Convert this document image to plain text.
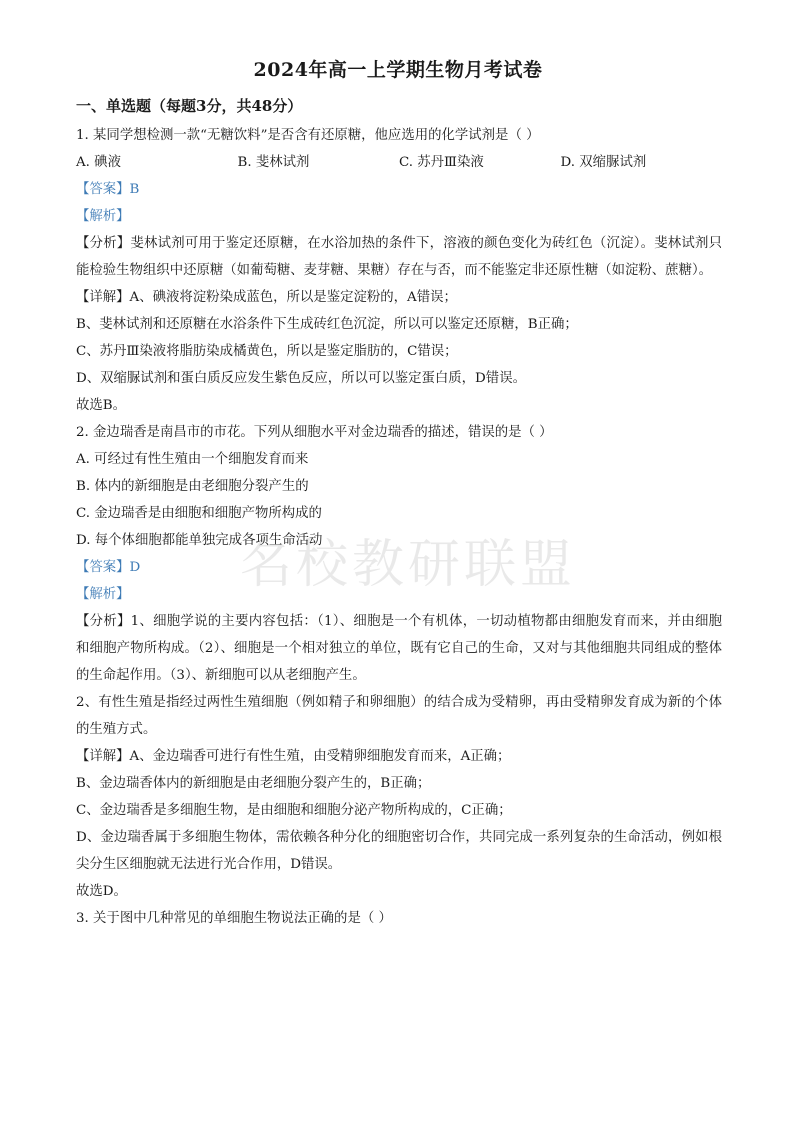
名校教研联盟
2024年高一上学期生物月考试卷
一、单选题（每题3分，共48分）
1. 某同学想检测一款“无糖饮料”是否含有还原糖，他应选用的化学试剂是（ ）
A. 碘液	B. 斐林试剂	C. 苏丹Ⅲ染液	D. 双缩脲试剂
【答案】B
【解析】
【分析】斐林试剂可用于鉴定还原糖，在水浴加热的条件下，溶液的颜色变化为砖红色（沉淀）。斐林试剂只能检验生物组织中还原糖（如葡萄糖、麦芽糖、果糖）存在与否，而不能鉴定非还原性糖（如淀粉、蔗糖）。
【详解】A、碘液将淀粉染成蓝色，所以是鉴定淀粉的，A错误；
B、斐林试剂和还原糖在水浴条件下生成砖红色沉淀，所以可以鉴定还原糖，B正确；
C、苏丹Ⅲ染液将脂肪染成橘黄色，所以是鉴定脂肪的，C错误；
D、双缩脲试剂和蛋白质反应发生紫色反应，所以可以鉴定蛋白质，D错误。
故选B。
2. 金边瑞香是南昌市的市花。下列从细胞水平对金边瑞香的描述，错误的是（ ）
A. 可经过有性生殖由一个细胞发育而来
B. 体内的新细胞是由老细胞分裂产生的
C. 金边瑞香是由细胞和细胞产物所构成的
D. 每个体细胞都能单独完成各项生命活动
【答案】D
【解析】
【分析】1、细胞学说的主要内容包括：（1）、细胞是一个有机体，一切动植物都由细胞发育而来，并由细胞和细胞产物所构成。（2）、细胞是一个相对独立的单位，既有它自己的生命，又对与其他细胞共同组成的整体的生命起作用。（3）、新细胞可以从老细胞产生。
2、有性生殖是指经过两性生殖细胞（例如精子和卵细胞）的结合成为受精卵，再由受精卵发育成为新的个体的生殖方式。
【详解】A、金边瑞香可进行有性生殖，由受精卵细胞发育而来，A正确；
B、金边瑞香体内的新细胞是由老细胞分裂产生的，B正确；
C、金边瑞香是多细胞生物，是由细胞和细胞分泌产物所构成的，C正确；
D、金边瑞香属于多细胞生物体，需依赖各种分化的细胞密切合作，共同完成一系列复杂的生命活动，例如根尖分生区细胞就无法进行光合作用，D错误。
故选D。
3. 关于图中几种常见的单细胞生物说法正确的是（ ）
